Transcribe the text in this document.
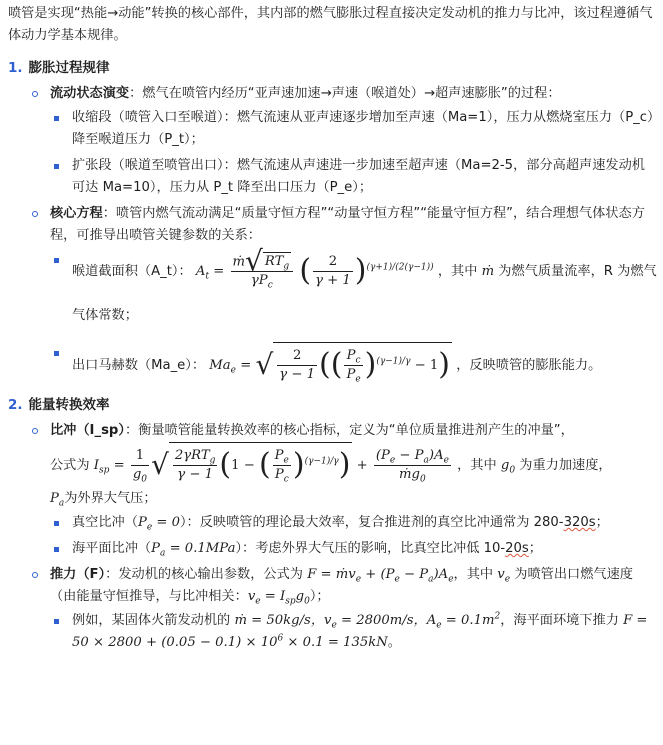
喷管是实现“热能→动能”转换的核心部件，其内部的燃气膨胀过程直接决定发动机的推力与比冲，该过程遵循气体动力学基本规律。

1. 膨胀过程规律
流动状态演变：燃气在喷管内经历“亚声速加速→声速（喉道处）→超声速膨胀”的过程：
收缩段（喷管入口至喉道）：燃气流速从亚声速逐步增加至声速（Ma=1），压力从燃烧室压力（P_c）降至喉道压力（P_t）；
扩张段（喉道至喷管出口）：燃气流速从声速进一步加速至超声速（Ma=2-5，部分高超声速发动机可达 Ma=10），压力从 P_t 降至出口压力（P_e）；
核心方程：喷管内燃气流动满足“质量守恒方程”“动量守恒方程”“能量守恒方程”，结合理想气体状态方程，可推导出喷管关键参数的关系：
喉道截面积（A_t）： $A_t = \frac{ṁ√ RT_g}{\gamma P_c}$ ( $\frac{2}{\gamma + 1} )^{(\gamma+1)/(2(\gamma-1))}$ ，其中 ṁ 为燃气质量流率，R 为燃气气体常数；
出口马赫数（Ma_e）： $Ma_e$ = √ $\frac{2}{\gamma - 1}$ (( $\frac{P_c}{P_e} )^{(\gamma-1)/\gamma} - 1$) ，反映喷管的膨胀能力。
2. 能量转换效率
比冲（I_sp）：衡量喷管能量转换效率的核心指标，定义为“单位质量推进剂产生的冲量”，
公式为 $I_{sp} = \frac{1}{g_0}$ √ $\frac{2\gamma RT_g}{\gamma - 1} (1$ − ( $\frac{P_e}{P_c} )^{(\gamma-1)/\gamma}) + \frac{(P_e - P_a)A_e}{ṁg_0}$ ，其中 $g_0$ 为重力加速度，
$P_a$为外界大气压；
真空比冲$(P_e = 0)$：反映喷管的理论最大效率，复合推进剂的真空比冲通常为 280-320s；
海平面比冲$(P_a = 0.1MPa)$：考虑外界大气压的影响，比真空比冲低 10-20s；
推力（F）：发动机的核心输出参数，公式为 F = ṁv$_e$ + $(P_e - P_a)A_e$，其中 $v_e$ 为喷管出口燃气速度（由能量守恒推导，与比冲相关：$v_e = I_{sp}g_0$）；
例如，某固体火箭发动机的 ṁ = 50kg/s，$v_e = 2800m/s$，$A_e = 0.1m^2$，海平面环境下推力 $F = 50 \times 2800 + (0.05 - 0.1) \times 10^6 \times 0.1 = 135kN$。
